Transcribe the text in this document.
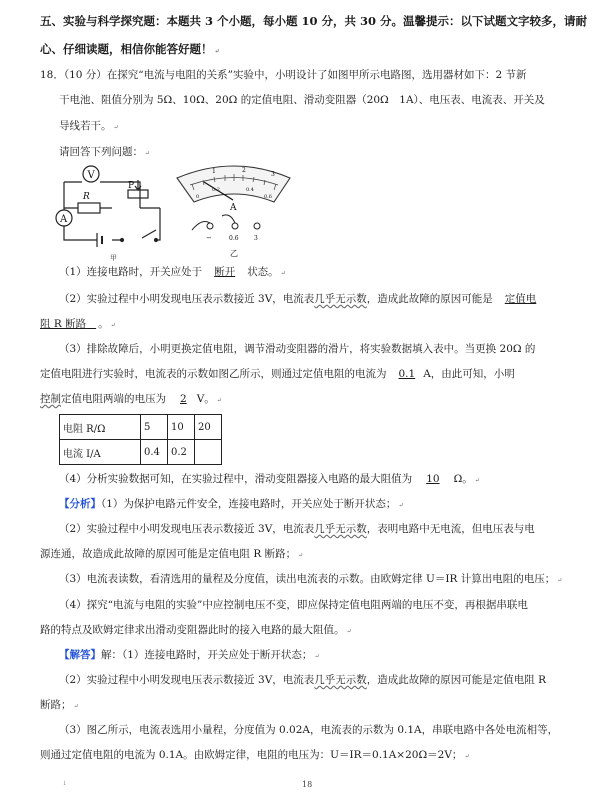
五、实验与科学探究题：本题共 3 个小题，每小题 10 分，共 30 分。温馨提示：以下试题文字较多，请耐
心、仔细读题，相信你能答好题！ ↵
18．（10 分）在探究“电流与电阻的关系”实验中，小明设计了如图甲所示电路图，选用器材如下：2 节新
干电池、阻值分别为 5Ω、10Ω、20Ω 的定值电阻、滑动变阻器（20Ω　1A）、电压表、电流表、开关及
导线若干。 ↵
请回答下列问题： ↵
V
A
R
P
甲
1	2
3
0
0.2	0.4
0.6
A
−	0.6	3
乙
（1）连接电路时，开关应处于 断开 状态。 ↵
（2）实验过程中小明发现电压表示数接近 3V，电流表几乎无示数，造成此故障的原因可能是 定值电
阻 R 断路 。 ↵
（3）排除故障后，小明更换定值电阻，调节滑动变阻器的滑片，将实验数据填入表中。当更换 20Ω 的
定值电阻进行实验时，电流表的示数如图乙所示，则通过定值电阻的电流为 0.1 A，由此可知，小明
控制定值电阻两端的电压为 2 V。 ↵
电阻 R/Ω	5	10	20
电流 I/A	0.4	0.2	
（4）分析实验数据可知，在实验过程中，滑动变阻器接入电路的最大阻值为 10 Ω。 ↵
【分析】（1）为保护电路元件安全，连接电路时，开关应处于断开状态； ↵
（2）实验过程中小明发现电压表示数接近 3V，电流表几乎无示数，表明电路中无电流，但电压表与电
源连通，故造成此故障的原因可能是定值电阻 R 断路； ↵
（3）电流表读数，看清选用的量程及分度值，读出电流表的示数。由欧姆定律 U＝IR 计算出电阻的电压； ↵
（4）探究“电流与电阻的实验”中应控制电压不变，即应保持定值电阻两端的电压不变，再根据串联电
路的特点及欧姆定律求出滑动变阻器此时的接入电路的最大阻值。 ↵
【解答】解：（1）连接电路时，开关应处于断开状态； ↵
（2）实验过程中小明发现电压表示数接近 3V，电流表几乎无示数，造成此故障的原因可能是定值电阻 R
断路； ↵
（3）图乙所示，电流表选用小量程，分度值为 0.02A，电流表的示数为 0.1A，串联电路中各处电流相等，
则通过定值电阻的电流为 0.1A。由欧姆定律，电阻的电压为：U＝IR＝0.1A×20Ω＝2V； ↵
↓	18
